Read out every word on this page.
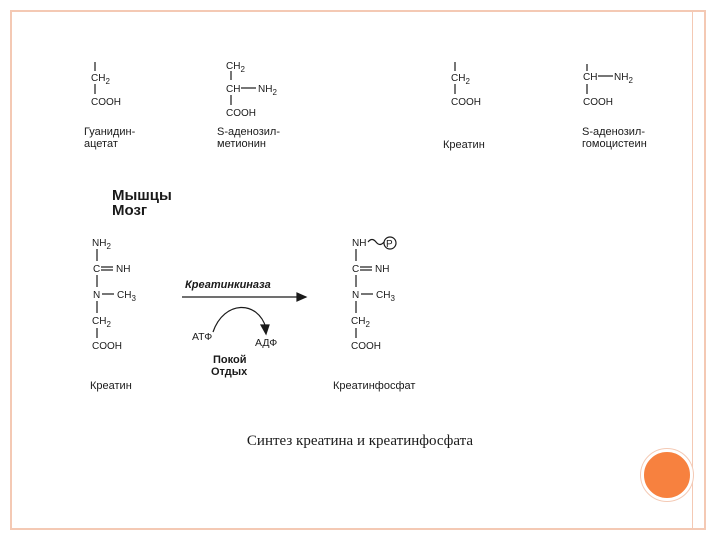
$CH_2$
COOH
$CH_2$
CH $NH_2$
COOH
$CH_2$
COOH
CH $NH_2$
COOH
$NH_2$
C NH
N $CH_3$
$CH_2$
COOH
NH P
C NH
N $CH_3$
$CH_2$
COOH
Гуанидин-
ацетат
S-аденозил-
метионин	Креатин
S-аденозил-
гомоцистеин
Мышцы
Мозг
Креатинкиназа
АТФ	АДФ
Покой
Отдых
Креатин	Креатинфосфат
Синтез креатина и креатинфосфата
